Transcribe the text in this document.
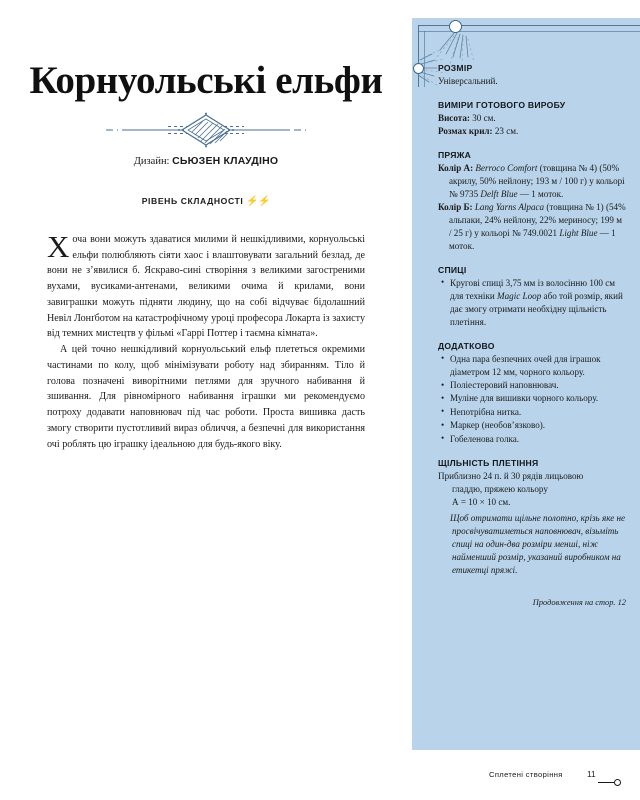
Корнуольські ельфи

Дизайн: СЬЮЗЕН КЛАУДІНО

РІВЕНЬ СКЛАДНОСТІ ⚡⚡

Хоча вони можуть здаватися милими й нешкідливими, корнуольські ельфи полюбляють сіяти хаос і влаштовувати загальний безлад, де вони не з’явилися б. Яскраво-сині створіння з великими загостреними вухами, вусиками-антенами, великими очима й крилами, вони завиграшки можуть підняти людину, що на собі відчуває бідолашний Невіл Лонґботом на катастрофічному уроці професора Локарта із захисту від темних мистецтв у фільмі «Гаррі Поттер і таємна кімната».

А цей точно нешкідливий корнуольський ельф плететься окремими частинами по колу, щоб мінімізувати роботу над збиранням. Тіло й голова позначені виворітними петлями для зручного набивання й зшивання. Для рівномірного набивання іграшки ми рекомендуємо потроху додавати наповнювач під час роботи. Проста вишивка дасть змогу створити пустотливий вираз обличчя, а безпечні для використання очі роблять цю іграшку ідеальною для будь-якого віку.

РОЗМІР

Універсальний.

ВИМІРИ ГОТОВОГО ВИРОБУ

Висота: 30 см.

Розмах крил: 23 см.

ПРЯЖА

Колір А: Berroco Comfort (товщина № 4) (50% акрилу, 50% нейлону; 193 м / 100 г) у кольорі № 9735 Delft Blue — 1 моток.

Колір Б: Lang Yarns Alpaca (товщина № 1) (54% альпаки, 24% нейлону, 22% мериносу; 199 м / 25 г) у кольорі № 749.0021 Light Blue — 1 моток.

СПИЦІ
• Кругові спиці 3,75 мм із волосінню 100 см для техніки Magic Loop або той розмір, який дає змогу отримати необхідну щільність плетіння.
ДОДАТКОВО
• Одна пара безпечних очей для іграшок діаметром 12 мм, чорного кольору.
• Поліестеровий наповнювач.
• Муліне для вишивки чорного кольору.
• Непотрібна нитка.
• Маркер (необов’язково).
• Гобеленова голка.
ЩІЛЬНІСТЬ ПЛЕТІННЯ

Приблизно 24 п. й 30 рядів лицьовою

гладдю, пряжею кольору

А = 10 × 10 см.

Щоб отримати щільне полотно, крізь яке не просвічуватиметься наповнювач, візьміть спиці на один-два розміри менші, ніж найменший розмір, указаний виробником на етикетці пряжі.

Продовження на стор. 12

Сплетені створіння	11
